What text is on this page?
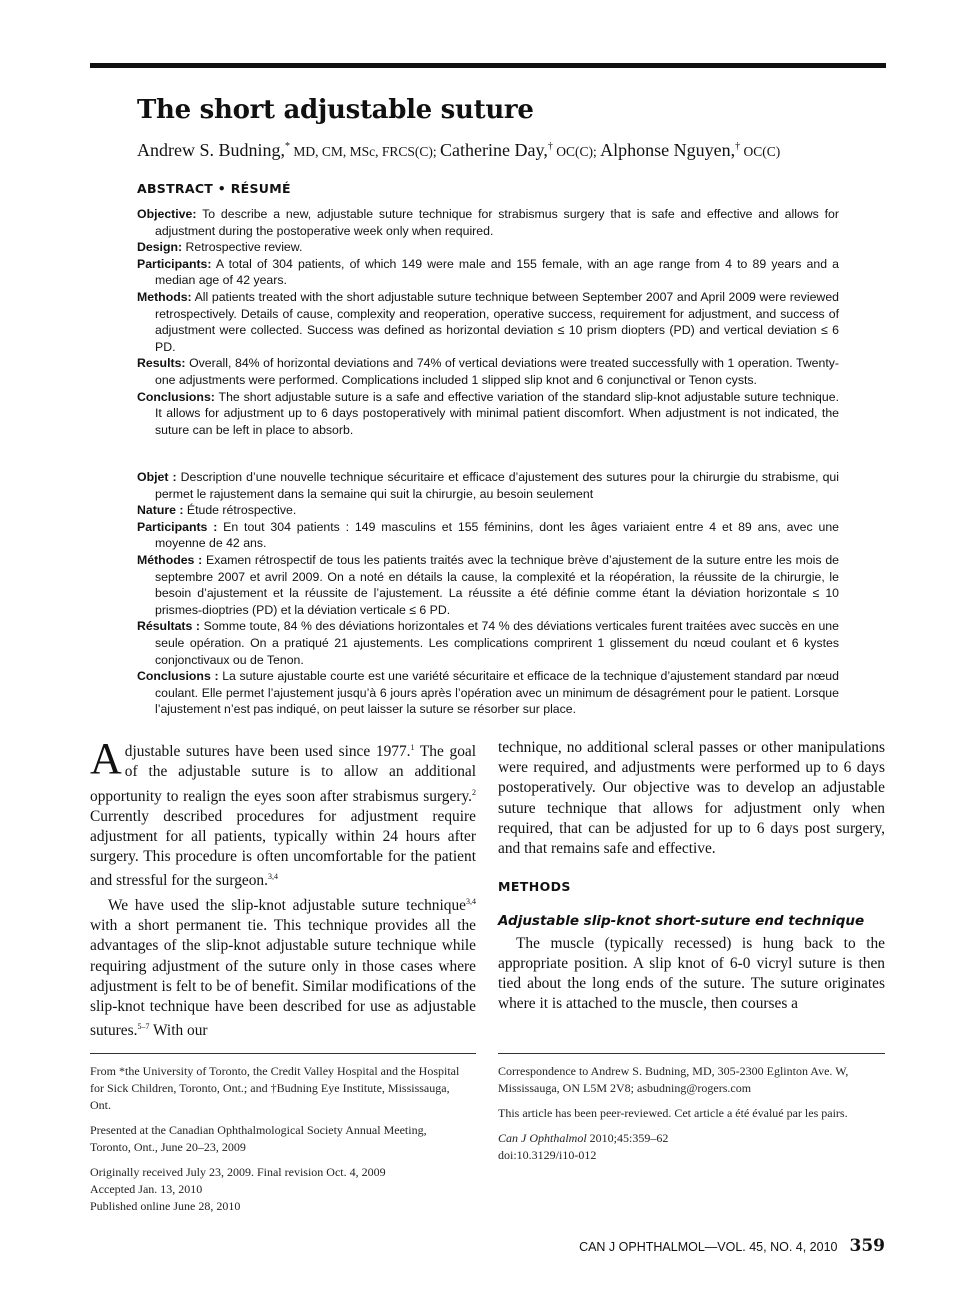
The short adjustable suture
Andrew S. Budning,* MD, CM, MSc, FRCS(C); Catherine Day,† OC(C); Alphonse Nguyen,† OC(C)
ABSTRACT • RÉSUMÉ

Objective: To describe a new, adjustable suture technique for strabismus surgery that is safe and effective and allows for adjustment during the postoperative week only when required.

Design: Retrospective review.

Participants: A total of 304 patients, of which 149 were male and 155 female, with an age range from 4 to 89 years and a median age of 42 years.

Methods: All patients treated with the short adjustable suture technique between September 2007 and April 2009 were reviewed retrospectively. Details of cause, complexity and reoperation, operative success, requirement for adjustment, and success of adjustment were collected. Success was defined as horizontal deviation ≤ 10 prism diopters (PD) and vertical deviation ≤ 6 PD.

Results: Overall, 84% of horizontal deviations and 74% of vertical deviations were treated successfully with 1 operation. Twenty-one adjustments were performed. Complications included 1 slipped slip knot and 6 conjunctival or Tenon cysts.

Conclusions: The short adjustable suture is a safe and effective variation of the standard slip-knot adjustable suture technique. It allows for adjustment up to 6 days postoperatively with minimal patient discomfort. When adjustment is not indicated, the suture can be left in place to absorb.

Objet : Description d’une nouvelle technique sécuritaire et efficace d’ajustement des sutures pour la chirurgie du strabisme, qui permet le rajustement dans la semaine qui suit la chirurgie, au besoin seulement

Nature : Étude rétrospective.

Participants : En tout 304 patients : 149 masculins et 155 féminins, dont les âges variaient entre 4 et 89 ans, avec une moyenne de 42 ans.

Méthodes : Examen rétrospectif de tous les patients traités avec la technique brève d’ajustement de la suture entre les mois de septembre 2007 et avril 2009. On a noté en détails la cause, la complexité et la réopération, la réussite de la chirurgie, le besoin d’ajustement et la réussite de l’ajustement. La réussite a été définie comme étant la déviation horizontale ≤ 10 prismes-dioptries (PD) et la déviation verticale ≤ 6 PD.

Résultats : Somme toute, 84 % des déviations horizontales et 74 % des déviations verticales furent traitées avec succès en une seule opération. On a pratiqué 21 ajustements. Les complications comprirent 1 glissement du nœud coulant et 6 kystes conjonctivaux ou de Tenon.

Conclusions : La suture ajustable courte est une variété sécuritaire et efficace de la technique d’ajustement standard par nœud coulant. Elle permet l’ajustement jusqu’à 6 jours après l’opération avec un minimum de désagrément pour le patient. Lorsque l’ajustement n’est pas indiqué, on peut laisser la suture se résorber sur place.

Adjustable sutures have been used since 1977.$^1$ The goal of the adjustable suture is to allow an additional opportunity to realign the eyes soon after strabismus surgery.$^2$ Currently described procedures for adjustment require adjustment for all patients, typically within 24 hours after surgery. This procedure is often uncomfortable for the patient and stressful for the surgeon.$^{3,4}$

We have used the slip-knot adjustable suture technique$^{3,4}$ with a short permanent tie. This technique provides all the advantages of the slip-knot adjustable suture technique while requiring adjustment of the suture only in those cases where adjustment is felt to be of benefit. Similar modifications of the slip-knot technique have been described for use as adjustable sutures.$^{5-7}$ With our

technique, no additional scleral passes or other manipulations were required, and adjustments were performed up to 6 days postoperatively. Our objective was to develop an adjustable suture technique that allows for adjustment only when required, that can be adjusted for up to 6 days post surgery, and that remains safe and effective.

METHODS
Adjustable slip-knot short-suture end technique

The muscle (typically recessed) is hung back to the appropriate position. A slip knot of 6-0 vicryl suture is then tied about the long ends of the suture. The suture originates where it is attached to the muscle, then courses a

From *the University of Toronto, the Credit Valley Hospital and the Hospital for Sick Children, Toronto, Ont.; and †Budning Eye Institute, Mississauga, Ont.

Presented at the Canadian Ophthalmological Society Annual Meeting, Toronto, Ont., June 20–23, 2009

Originally received July 23, 2009. Final revision Oct. 4, 2009

Accepted Jan. 13, 2010

Published online June 28, 2010

Correspondence to Andrew S. Budning, MD, 305-2300 Eglinton Ave. W, Mississauga, ON L5M 2V8; asbudning@rogers.com

This article has been peer-reviewed. Cet article a été évalué par les pairs.

Can J Ophthalmol 2010;45:359–62

doi:10.3129/i10-012

CAN J OPHTHALMOL—VOL. 45, NO. 4, 2010 359
